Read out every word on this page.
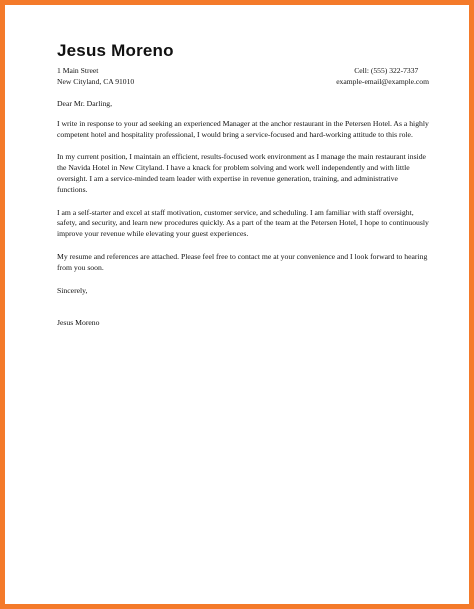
Jesus Moreno
1 Main Street
New Cityland, CA 91010
Cell: (555) 322-7337
example-email@example.com

Dear Mr. Darling,

I write in response to your ad seeking an experienced Manager at the anchor restaurant in the Petersen Hotel. As a highly competent hotel and hospitality professional, I would bring a service-focused and hard-working attitude to this role.

In my current position, I maintain an efficient, results-focused work environment as I manage the main restaurant inside the Navida Hotel in New Cityland. I have a knack for problem solving and work well independently and with little oversight. I am a service-minded team leader with expertise in revenue generation, training, and administrative functions.

I am a self-starter and excel at staff motivation, customer service, and scheduling. I am familiar with staff oversight, safety, and security, and learn new procedures quickly. As a part of the team at the Petersen Hotel, I hope to continuously improve your revenue while elevating your guest experiences.

My resume and references are attached. Please feel free to contact me at your convenience and I look forward to hearing from you soon.

Sincerely,

Jesus Moreno
